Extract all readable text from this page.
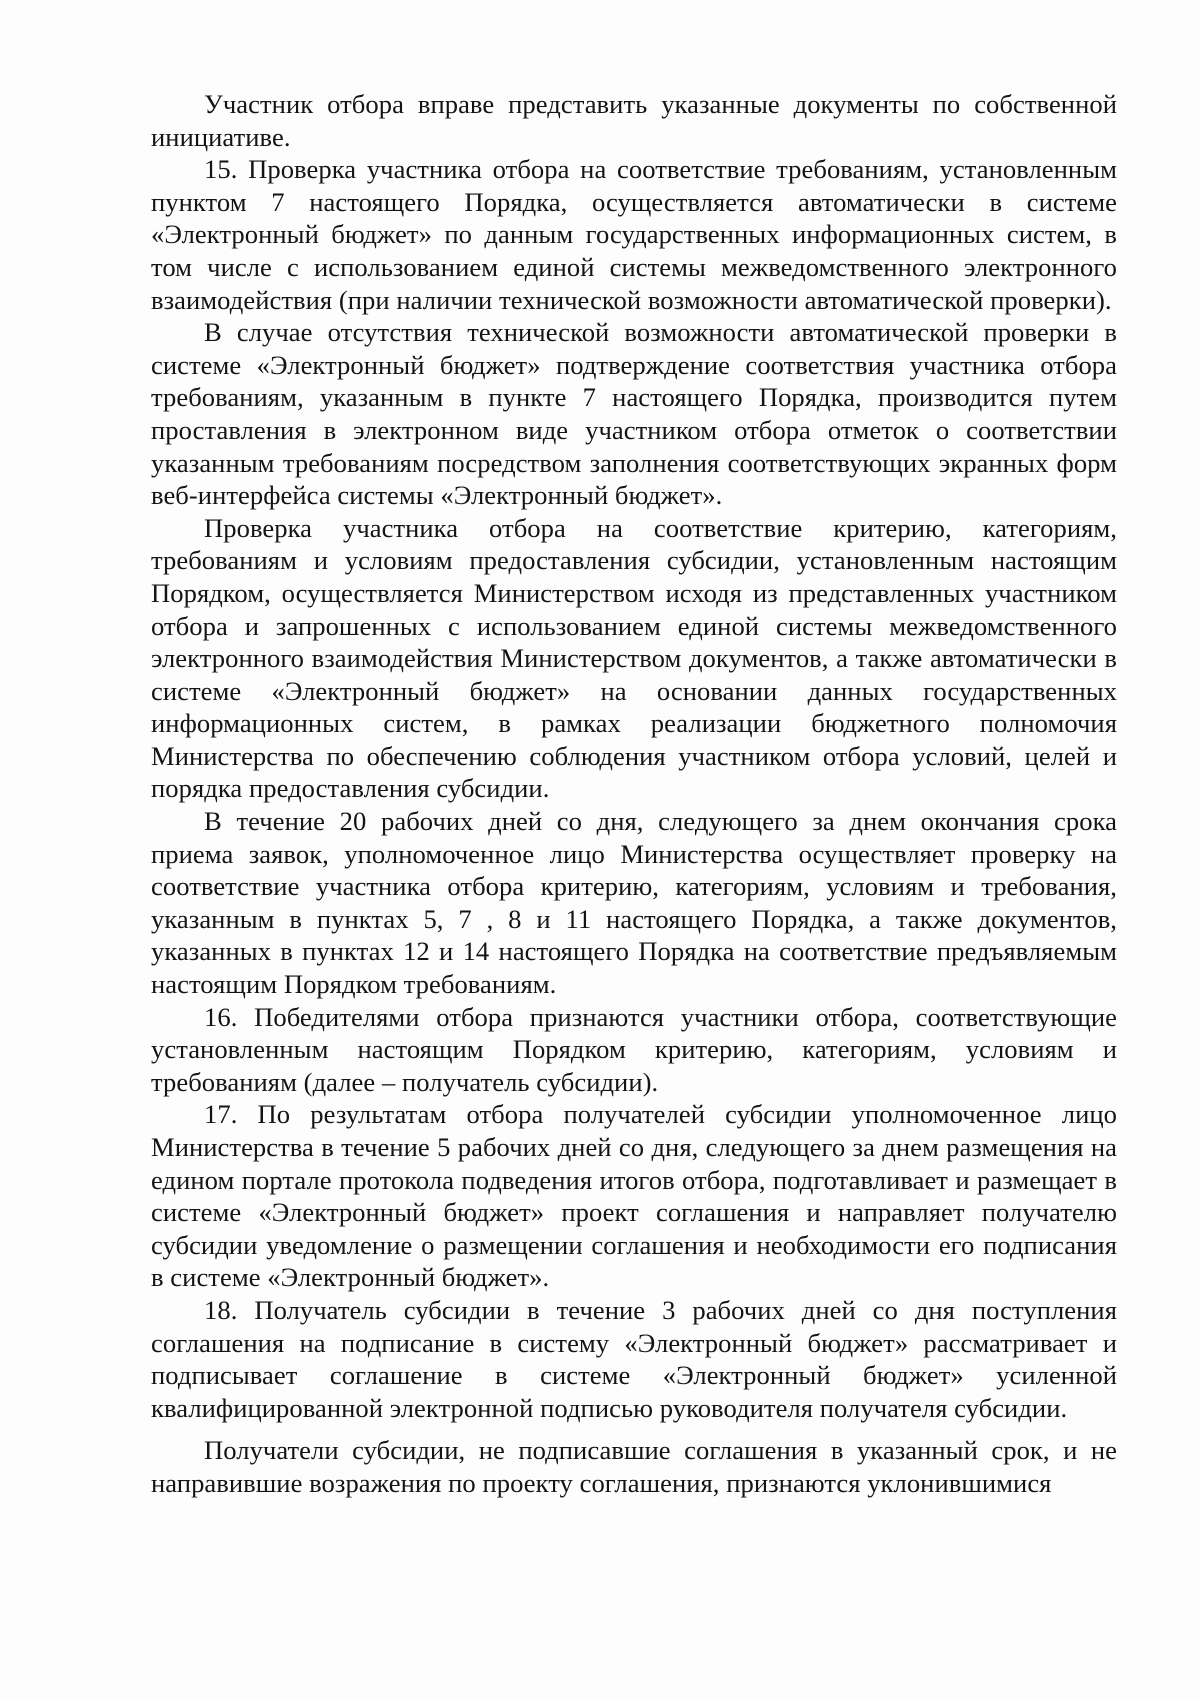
Участник отбора вправе представить указанные документы по собственной инициативе.

15. Проверка участника отбора на соответствие требованиям, установленным пунктом 7 настоящего Порядка, осуществляется автоматически в системе «Электронный бюджет» по данным государственных информационных систем, в том числе с использованием единой системы межведомственного электронного взаимодействия (при наличии технической возможности автоматической проверки).

В случае отсутствия технической возможности автоматической проверки в системе «Электронный бюджет» подтверждение соответствия участника отбора требованиям, указанным в пункте 7 настоящего Порядка, производится путем проставления в электронном виде участником отбора отметок о соответствии указанным требованиям посредством заполнения соответствующих экранных форм веб-интерфейса системы «Электронный бюджет».

Проверка участника отбора на соответствие критерию, категориям, требованиям и условиям предоставления субсидии, установленным настоящим Порядком, осуществляется Министерством исходя из представленных участником отбора и запрошенных с использованием единой системы межведомственного электронного взаимодействия Министерством документов, а также автоматически в системе «Электронный бюджет» на основании данных государственных информационных систем, в рамках реализации бюджетного полномочия Министерства по обеспечению соблюдения участником отбора условий, целей и порядка предоставления субсидии.

В течение 20 рабочих дней со дня, следующего за днем окончания срока приема заявок, уполномоченное лицо Министерства осуществляет проверку на соответствие участника отбора критерию, категориям, условиям и требования, указанным в пунктах 5, 7 , 8 и 11 настоящего Порядка, а также документов, указанных в пунктах 12 и 14 настоящего Порядка на соответствие предъявляемым настоящим Порядком требованиям.

16. Победителями отбора признаются участники отбора, соответствующие установленным настоящим Порядком критерию, категориям, условиям и требованиям (далее – получатель субсидии).

17. По результатам отбора получателей субсидии уполномоченное лицо Министерства в течение 5 рабочих дней со дня, следующего за днем размещения на едином портале протокола подведения итогов отбора, подготавливает и размещает в системе «Электронный бюджет» проект соглашения и направляет получателю субсидии уведомление о размещении соглашения и необходимости его подписания в системе «Электронный бюджет».

18. Получатель субсидии в течение 3 рабочих дней со дня поступления соглашения на подписание в систему «Электронный бюджет» рассматривает и подписывает соглашение в системе «Электронный бюджет» усиленной квалифицированной электронной подписью руководителя получателя субсидии.

Получатели субсидии, не подписавшие соглашения в указанный срок, и не направившие возражения по проекту соглашения, признаются уклонившимися
